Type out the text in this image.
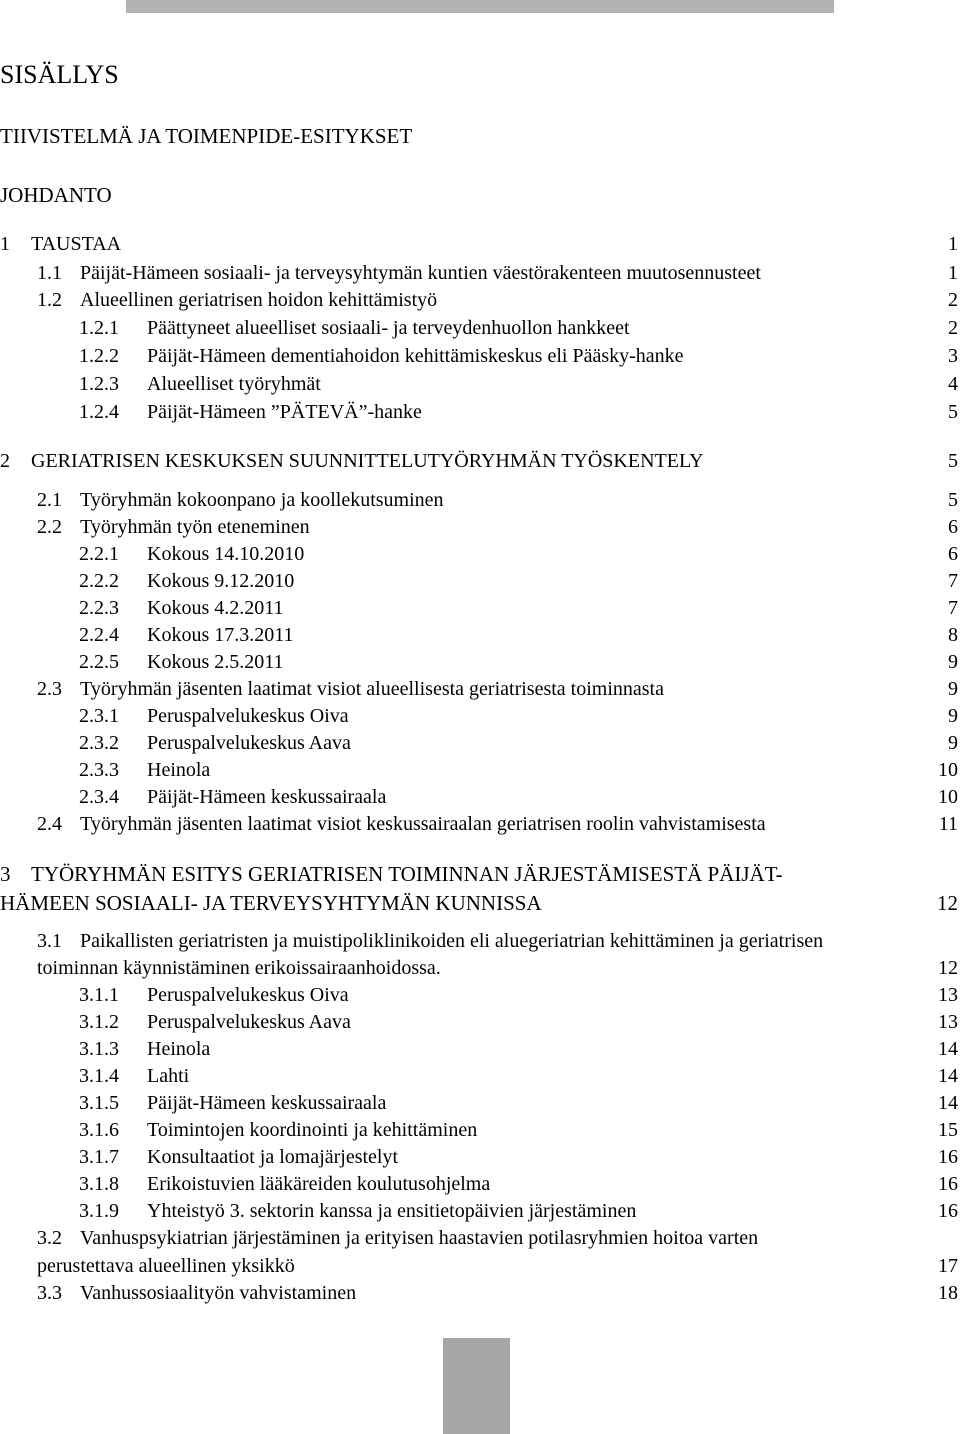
SISÄLLYS
TIIVISTELMÄ JA TOIMENPIDE-ESITYKSET
JOHDANTO
1 TAUSTAA	1
1.1 Päijät-Hämeen sosiaali- ja terveysyhtymän kuntien väestörakenteen muutosennusteet	1
1.2 Alueellinen geriatrisen hoidon kehittämistyö	2
1.2.1 Päättyneet alueelliset sosiaali- ja terveydenhuollon hankkeet	2
1.2.2 Päijät-Hämeen dementiahoidon kehittämiskeskus eli Pääsky-hanke	3
1.2.3 Alueelliset työryhmät	4
1.2.4 Päijät-Hämeen ”PÄTEVÄ”-hanke	5
2 GERIATRISEN KESKUKSEN SUUNNITTELUTYÖRYHMÄN TYÖSKENTELY	5
2.1 Työryhmän kokoonpano ja koollekutsuminen	5
2.2 Työryhmän työn eteneminen	6
2.2.1 Kokous 14.10.2010	6
2.2.2 Kokous 9.12.2010	7
2.2.3 Kokous 4.2.2011	7
2.2.4 Kokous 17.3.2011	8
2.2.5 Kokous 2.5.2011	9
2.3 Työryhmän jäsenten laatimat visiot alueellisesta geriatrisesta toiminnasta	9
2.3.1 Peruspalvelukeskus Oiva	9
2.3.2 Peruspalvelukeskus Aava	9
2.3.3 Heinola	10
2.3.4 Päijät-Hämeen keskussairaala	10
2.4 Työryhmän jäsenten laatimat visiot keskussairaalan geriatrisen roolin vahvistamisesta	11
3 TYÖRYHMÄN ESITYS GERIATRISEN TOIMINNAN JÄRJESTÄMISESTÄ PÄIJÄT-
HÄMEEN SOSIAALI- JA TERVEYSYHTYMÄN KUNNISSA	12
3.1 Paikallisten geriatristen ja muistipoliklinikoiden eli aluegeriatrian kehittäminen ja geriatrisen
toiminnan käynnistäminen erikoissairaanhoidossa.	12
3.1.1 Peruspalvelukeskus Oiva	13
3.1.2 Peruspalvelukeskus Aava	13
3.1.3 Heinola	14
3.1.4 Lahti	14
3.1.5 Päijät-Hämeen keskussairaala	14
3.1.6 Toimintojen koordinointi ja kehittäminen	15
3.1.7 Konsultaatiot ja lomajärjestelyt	16
3.1.8 Erikoistuvien lääkäreiden koulutusohjelma	16
3.1.9 Yhteistyö 3. sektorin kanssa ja ensitietopäivien järjestäminen	16
3.2 Vanhuspsykiatrian järjestäminen ja erityisen haastavien potilasryhmien hoitoa varten
perustettava alueellinen yksikkö	17
3.3 Vanhussosiaalityön vahvistaminen	18
